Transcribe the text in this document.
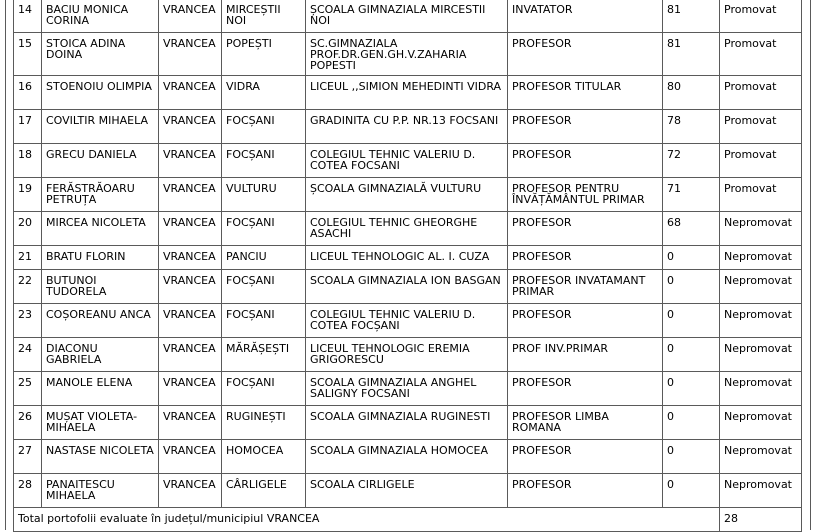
14	BACIU MONICA CORINA	VRANCEA	MIRCEȘTII NOI	ȘCOALA GIMNAZIALA MIRCESTII NOI	INVATATOR	81	Promovat
15	STOICA ADINA DOINA	VRANCEA	POPEȘTI	SC.GIMNAZIALA PROF.DR.GEN.GH.V.ZAHARIA POPESTI	PROFESOR	81	Promovat
16	STOENOIU OLIMPIA	VRANCEA	VIDRA	LICEUL ,,SIMION MEHEDINTI VIDRA	PROFESOR TITULAR	80	Promovat
17	COVILTIR MIHAELA	VRANCEA	FOCȘANI	GRADINITA CU P.P. NR.13 FOCSANI	PROFESOR	78	Promovat
18	GRECU DANIELA	VRANCEA	FOCȘANI	COLEGIUL TEHNIC VALERIU D. COTEA FOCSANI	PROFESOR	72	Promovat
19	FERĂSTRĂOARU PETRUȚA	VRANCEA	VULTURU	ȘCOALA GIMNAZIALĂ VULTURU	PROFESOR PENTRU ÎNVĂȚĂMÂNTUL PRIMAR	71	Promovat
20	MIRCEA NICOLETA	VRANCEA	FOCȘANI	COLEGIUL TEHNIC GHEORGHE ASACHI	PROFESOR	68	Nepromovat
21	BRATU FLORIN	VRANCEA	PANCIU	LICEUL TEHNOLOGIC AL. I. CUZA	PROFESOR	0	Nepromovat
22	BUTUNOI TUDORELA	VRANCEA	FOCȘANI	SCOALA GIMNAZIALA ION BASGAN	PROFESOR INVATAMANT PRIMAR	0	Nepromovat
23	COȘOREANU ANCA	VRANCEA	FOCȘANI	COLEGIUL TEHNIC VALERIU D. COTEA FOCȘANI	PROFESOR	0	Nepromovat
24	DIACONU GABRIELA	VRANCEA	MĂRĂȘEȘTI	LICEUL TEHNOLOGIC EREMIA GRIGORESCU	PROF INV.PRIMAR	0	Nepromovat
25	MANOLE ELENA	VRANCEA	FOCȘANI	SCOALA GIMNAZIALA ANGHEL SALIGNY FOCSANI	PROFESOR	0	Nepromovat
26	MUȘAT VIOLETA-MIHAELA	VRANCEA	RUGINEȘTI	SCOALA GIMNAZIALA RUGINESTI	PROFESOR LIMBA ROMANA	0	Nepromovat
27	NASTASE NICOLETA	VRANCEA	HOMOCEA	SCOALA GIMNAZIALA HOMOCEA	PROFESOR	0	Nepromovat
28	PANAITESCU MIHAELA	VRANCEA	CÂRLIGELE	SCOALA CIRLIGELE	PROFESOR	0	Nepromovat
Total portofolii evaluate în județul/municipiul VRANCEA							28
